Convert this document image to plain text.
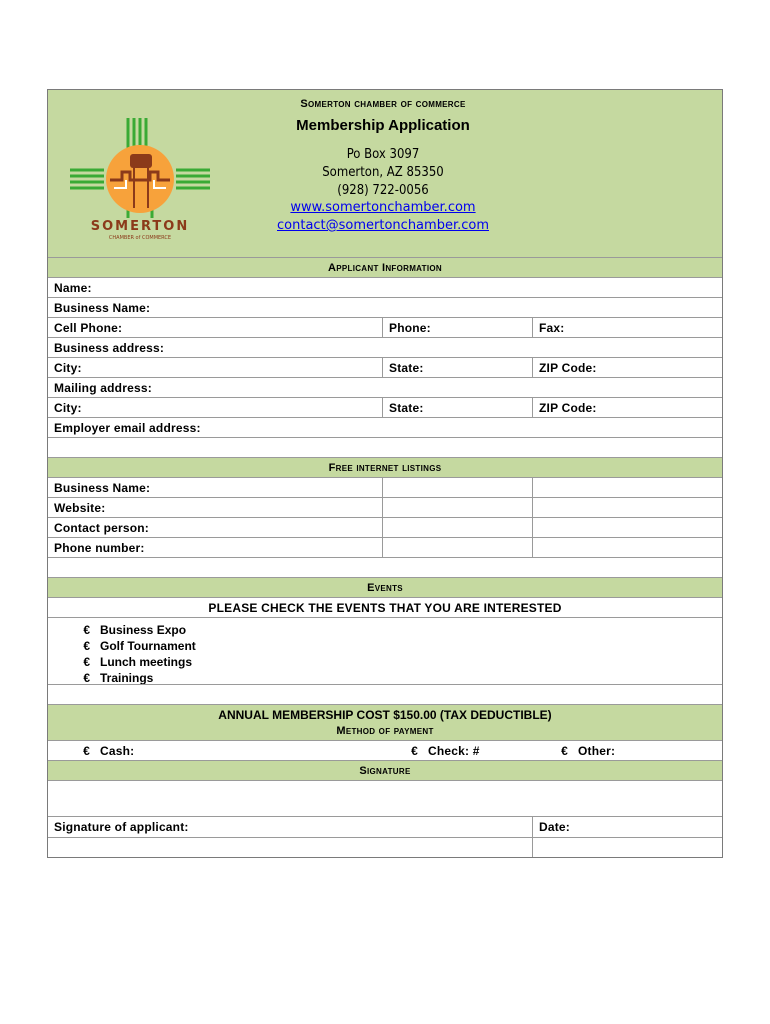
SOMERTON
CHAMBER of COMMERCE
Somerton chamber of commerce
Membership Application
Po Box 3097
Somerton, AZ 85350
(928) 722-0056
www.somertonchamber.com
contact@somertonchamber.com
Applicant Information
Name:
Business Name:
Cell Phone:	Phone:	Fax:
Business address:
City:	State:	ZIP Code:
Mailing address:
City:	State:	ZIP Code:
Employer email address:
Free internet listings
Business Name:
Website:
Contact person:
Phone number:
Events
PLEASE CHECK THE EVENTS THAT YOU ARE INTERESTED
€ Business Expo
€ Golf Tournament
€ Lunch meetings
€ Trainings
ANNUAL MEMBERSHIP COST $150.00 (TAX DEDUCTIBLE)
Method of payment
€ Cash:	€ Check: #	€ Other:
Signature
Signature of applicant:	Date:
